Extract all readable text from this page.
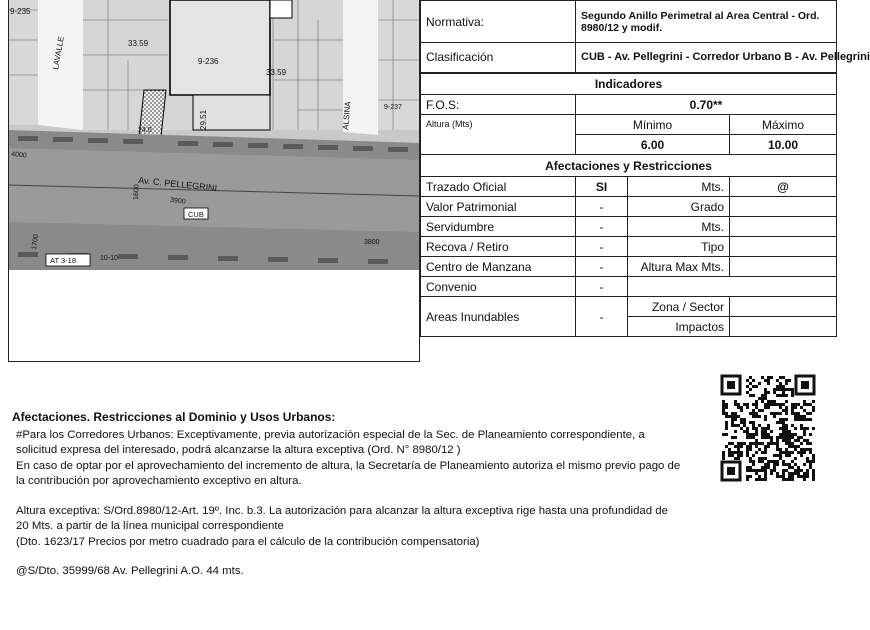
9-235
33.59
9-236
33.59
9-237
29.51
24.0
LAVALLE
ALSINA
4000
1600
Av. C. PELLEGRINI
3900
CUB
1700	3800
10-10
AT 3-18
Normativa:	Segundo Anillo Perimetral al Area Central - Ord. 8980/12 y modif.		
Clasificación	CUB - Av. Pellegrini - Corredor Urbano B - Av. Pellegrini		
Indicadores			
F.O.S:	0.70**		
Altura (Mts)	Mínimo		Máximo
	6.00		10.00
Afectaciones y Restricciones			
Trazado Oficial	SI	Mts.	@
Valor Patrimonial	-	Grado	
Servidumbre	-	Mts.	
Recova / Retiro	-	Tipo	
Centro de Manzana	-	Altura Max Mts.	
Convenio	-		
Areas Inundables	-	Zona / Sector	
		Impactos	
Afectaciones. Restricciones al Dominio y Usos Urbanos:
#Para los Corredores Urbanos: Exceptivamente, previa autorización especial de la Sec. de Planeamiento correspondiente, a
solicitud expresa del interesado, podrá alcanzarse la altura exceptiva (Ord. N° 8980/12 )
En caso de optar por el aprovechamiento del incremento de altura, la Secretaría de Planeamiento autoriza el mismo previo pago de
la contribución por aprovechamiento exceptivo en altura.
Altura exceptiva: S/Ord.8980/12-Art. 19º. Inc. b.3. La autorización para alcanzar la altura exceptiva rige hasta una profundidad de
20 Mts. a partir de la línea municipal correspondiente
(Dto. 1623/17 Precios por metro cuadrado para el cálculo de la contribución compensatoria)
@S/Dto. 35999/68 Av. Pellegrini A.O. 44 mts.
